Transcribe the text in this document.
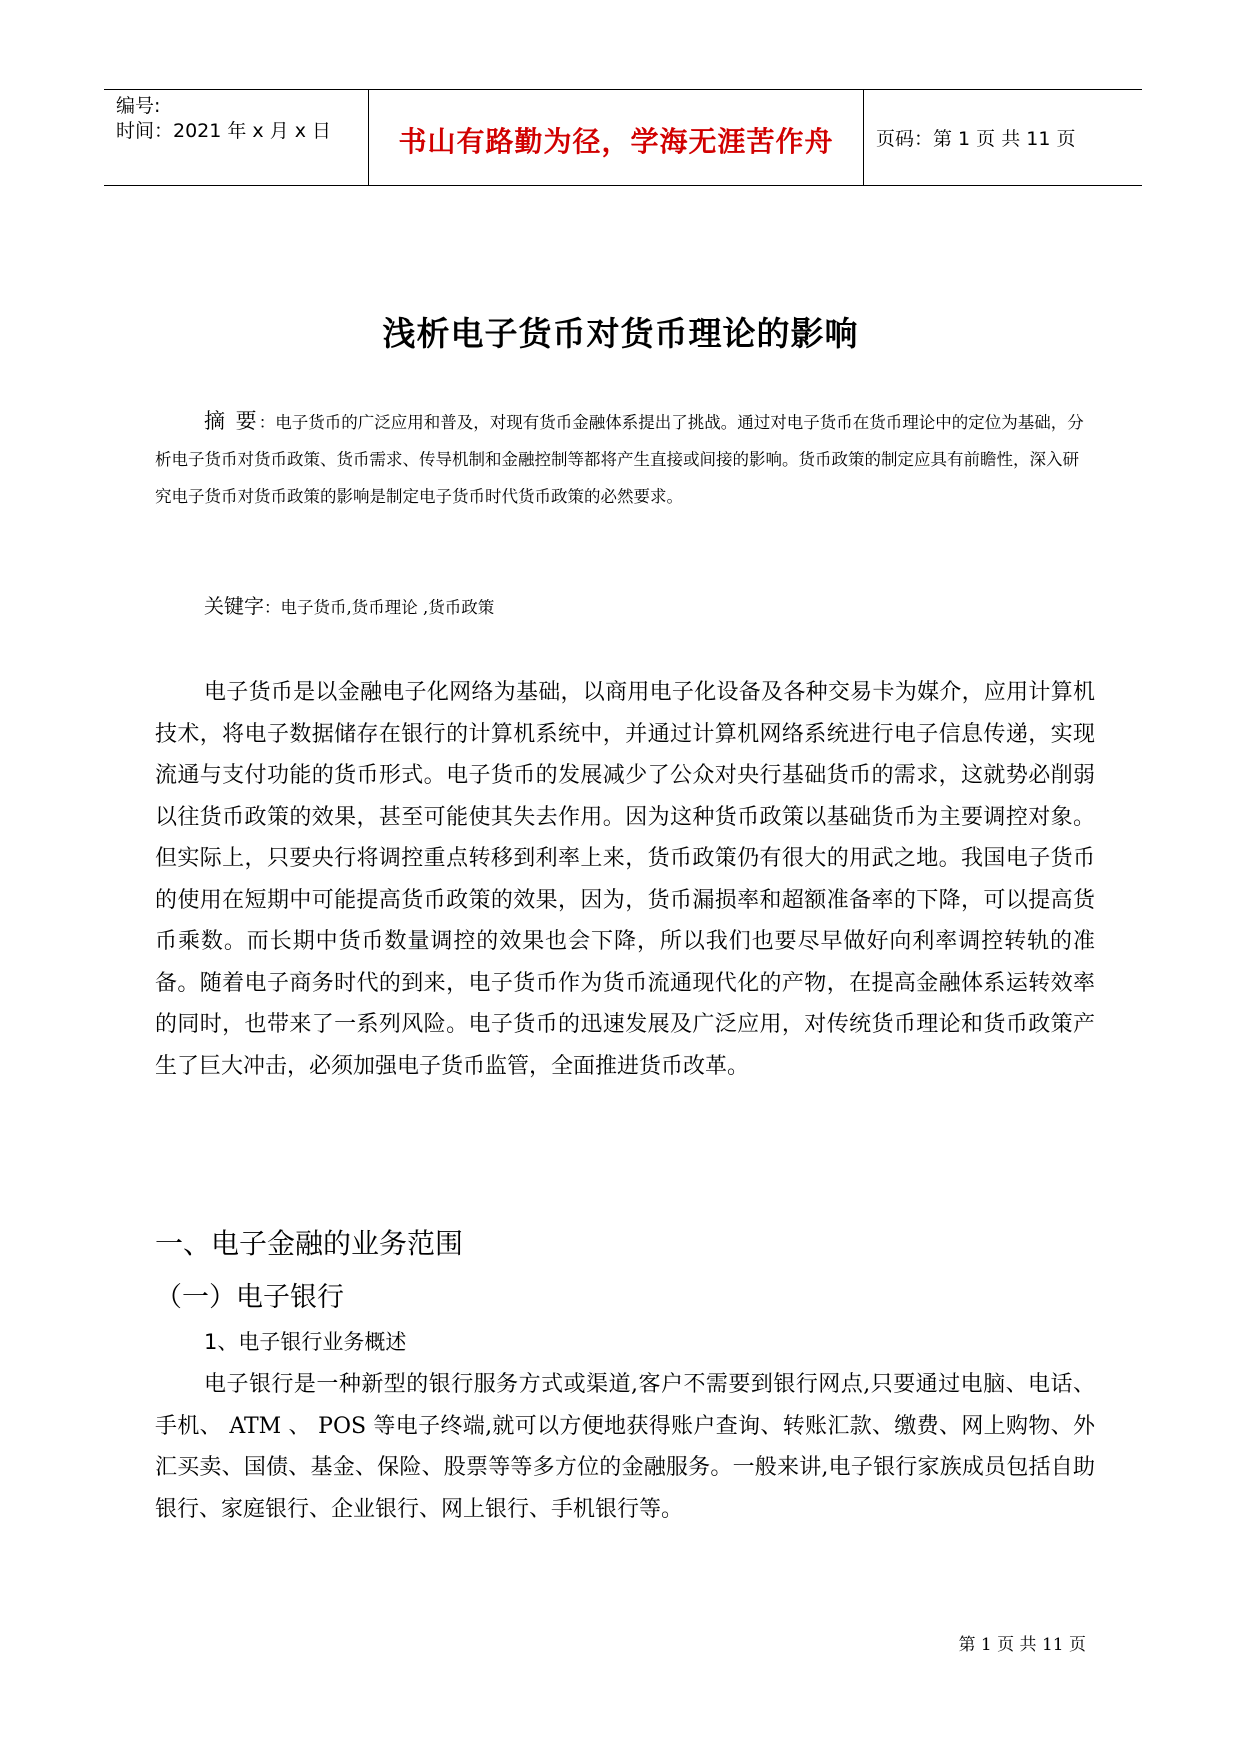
编号:
时间：2021 年 x 月 x 日	书山有路勤为径，学海无涯苦作舟	页码：第 1 页 共 11 页
浅析电子货币对货币理论的影响
摘 要：电子货币的广泛应用和普及，对现有货币金融体系提出了挑战。通过对电子货币在货币理论中的定位为基础，分析电子货币对货币政策、货币需求、传导机制和金融控制等都将产生直接或间接的影响。货币政策的制定应具有前瞻性，深入研究电子货币对货币政策的影响是制定电子货币时代货币政策的必然要求。
关键字：电子货币,货币理论 ,货币政策

电子货币是以金融电子化网络为基础，以商用电子化设备及各种交易卡为媒介，应用计算机技术，将电子数据储存在银行的计算机系统中，并通过计算机网络系统进行电子信息传递，实现流通与支付功能的货币形式。电子货币的发展减少了公众对央行基础货币的需求，这就势必削弱以往货币政策的效果，甚至可能使其失去作用。因为这种货币政策以基础货币为主要调控对象。但实际上，只要央行将调控重点转移到利率上来，货币政策仍有很大的用武之地。我国电子货币的使用在短期中可能提高货币政策的效果，因为，货币漏损率和超额准备率的下降，可以提高货币乘数。而长期中货币数量调控的效果也会下降，所以我们也要尽早做好向利率调控转轨的准备。随着电子商务时代的到来，电子货币作为货币流通现代化的产物，在提高金融体系运转效率的同时，也带来了一系列风险。电子货币的迅速发展及广泛应用，对传统货币理论和货币政策产生了巨大冲击，必须加强电子货币监管，全面推进货币改革。

一、电子金融的业务范围
（一）电子银行
1、电子银行业务概述

电子银行是一种新型的银行服务方式或渠道,客户不需要到银行网点,只要通过电脑、电话、手机、 ATM 、 POS 等电子终端,就可以方便地获得账户查询、转账汇款、缴费、网上购物、外汇买卖、国债、基金、保险、股票等等多方位的金融服务。一般来讲,电子银行家族成员包括自助银行、家庭银行、企业银行、网上银行、手机银行等。

第 1 页 共 11 页
